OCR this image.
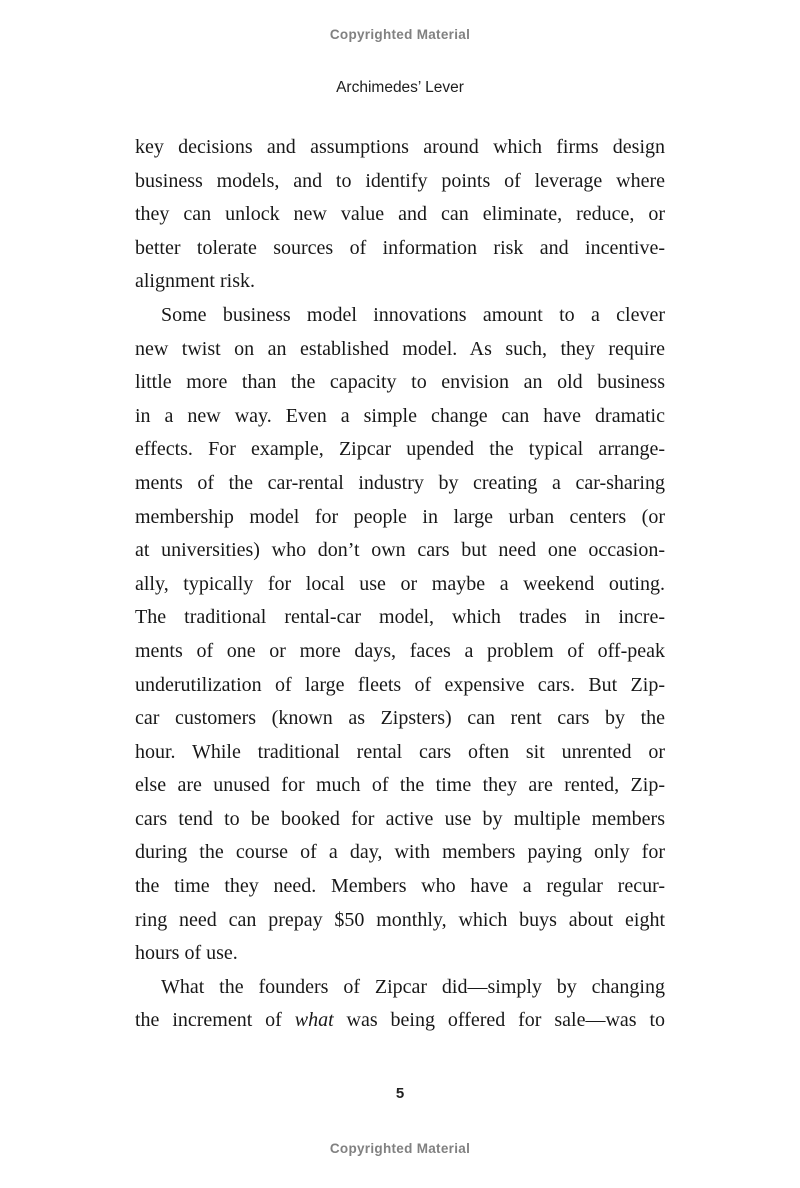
Copyrighted Material
Archimedes’ Lever
key decisions and assumptions around which firms design
business models, and to identify points of leverage where
they can unlock new value and can eliminate, reduce, or
better tolerate sources of information risk and incentive-
alignment risk.
Some business model innovations amount to a clever
new twist on an established model. As such, they require
little more than the capacity to envision an old business
in a new way. Even a simple change can have dramatic
effects. For example, Zipcar upended the typical arrange-
ments of the car-rental industry by creating a car-sharing
membership model for people in large urban centers (or
at universities) who don’t own cars but need one occasion-
ally, typically for local use or maybe a weekend outing.
The traditional rental-car model, which trades in incre-
ments of one or more days, faces a problem of off-peak
underutilization of large fleets of expensive cars. But Zip-
car customers (known as Zipsters) can rent cars by the
hour. While traditional rental cars often sit unrented or
else are unused for much of the time they are rented, Zip-
cars tend to be booked for active use by multiple members
during the course of a day, with members paying only for
the time they need. Members who have a regular recur-
ring need can prepay $50 monthly, which buys about eight
hours of use.
What the founders of Zipcar did—simply by changing
the increment of what was being offered for sale—was to
5
Copyrighted Material
